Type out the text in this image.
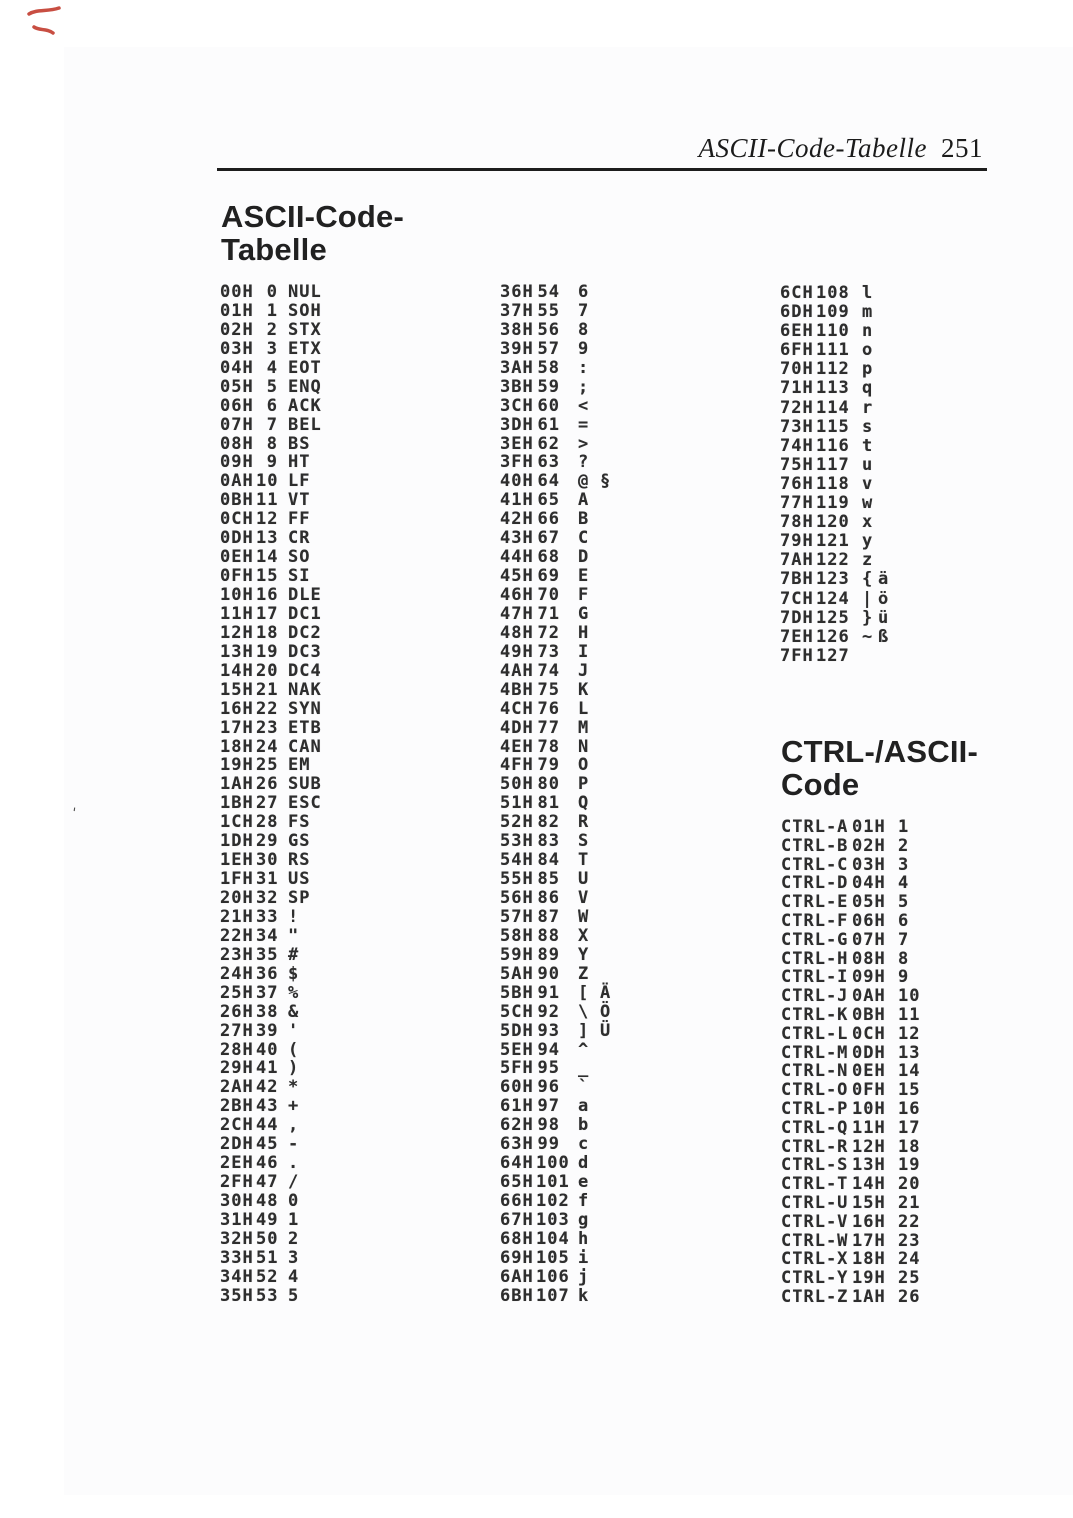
'
ASCII-Code-Tabelle 251
ASCII-Code-
Tabelle
00H 0 NUL
01H 1 SOH
02H 2 STX
03H 3 ETX
04H 4 EOT
05H 5 ENQ
06H 6 ACK
07H 7 BEL
08H 8 BS
09H 9 HT
0AH 10 LF
0BH 11 VT
0CH 12 FF
0DH 13 CR
0EH 14 SO
0FH 15 SI
10H 16 DLE
11H 17 DC1
12H 18 DC2
13H 19 DC3
14H 20 DC4
15H 21 NAK
16H 22 SYN
17H 23 ETB
18H 24 CAN
19H 25 EM
1AH 26 SUB
1BH 27 ESC
1CH 28 FS
1DH 29 GS
1EH 30 RS
1FH 31 US
20H 32 SP
21H 33 !
22H 34 "
23H 35 #
24H 36 $
25H 37 %
26H 38 &
27H 39 '
28H 40 (
29H 41 )
2AH 42 *
2BH 43 +
2CH 44 ,
2DH 45 -
2EH 46 .
2FH 47 /
30H 48 0
31H 49 1
32H 50 2
33H 51 3
34H 52 4
35H 53 5
36H 54 6
37H 55 7
38H 56 8
39H 57 9
3AH 58 :
3BH 59 ;
3CH 60 <
3DH 61 =
3EH 62 >
3FH 63 ?
40H 64 @ §
41H 65 A
42H 66 B
43H 67 C
44H 68 D
45H 69 E
46H 70 F
47H 71 G
48H 72 H
49H 73 I
4AH 74 J
4BH 75 K
4CH 76 L
4DH 77 M
4EH 78 N
4FH 79 O
50H 80 P
51H 81 Q
52H 82 R
53H 83 S
54H 84 T
55H 85 U
56H 86 V
57H 87 W
58H 88 X
59H 89 Y
5AH 90 Z
5BH 91 [ Ä
5CH 92 \ Ö
5DH 93 ] Ü
5EH 94 ^
5FH 95 _
60H 96 `
61H 97 a
62H 98 b
63H 99 c
64H 100 d
65H 101 e
66H 102 f
67H 103 g
68H 104 h
69H 105 i
6AH 106 j
6BH 107 k
6CH 108 l
6DH 109 m
6EH 110 n
6FH 111 o
70H 112 p
71H 113 q
72H 114 r
73H 115 s
74H 116 t
75H 117 u
76H 118 v
77H 119 w
78H 120 x
79H 121 y
7AH 122 z
7BH 123 { ä
7CH 124 | ö
7DH 125 } ü
7EH 126 ~ ß
7FH 127
CTRL-/ASCII-
Code
CTRL-A 01H 1
CTRL-B 02H 2
CTRL-C 03H 3
CTRL-D 04H 4
CTRL-E 05H 5
CTRL-F 06H 6
CTRL-G 07H 7
CTRL-H 08H 8
CTRL-I 09H 9
CTRL-J 0AH 10
CTRL-K 0BH 11
CTRL-L 0CH 12
CTRL-M 0DH 13
CTRL-N 0EH 14
CTRL-O 0FH 15
CTRL-P 10H 16
CTRL-Q 11H 17
CTRL-R 12H 18
CTRL-S 13H 19
CTRL-T 14H 20
CTRL-U 15H 21
CTRL-V 16H 22
CTRL-W 17H 23
CTRL-X 18H 24
CTRL-Y 19H 25
CTRL-Z 1AH 26
